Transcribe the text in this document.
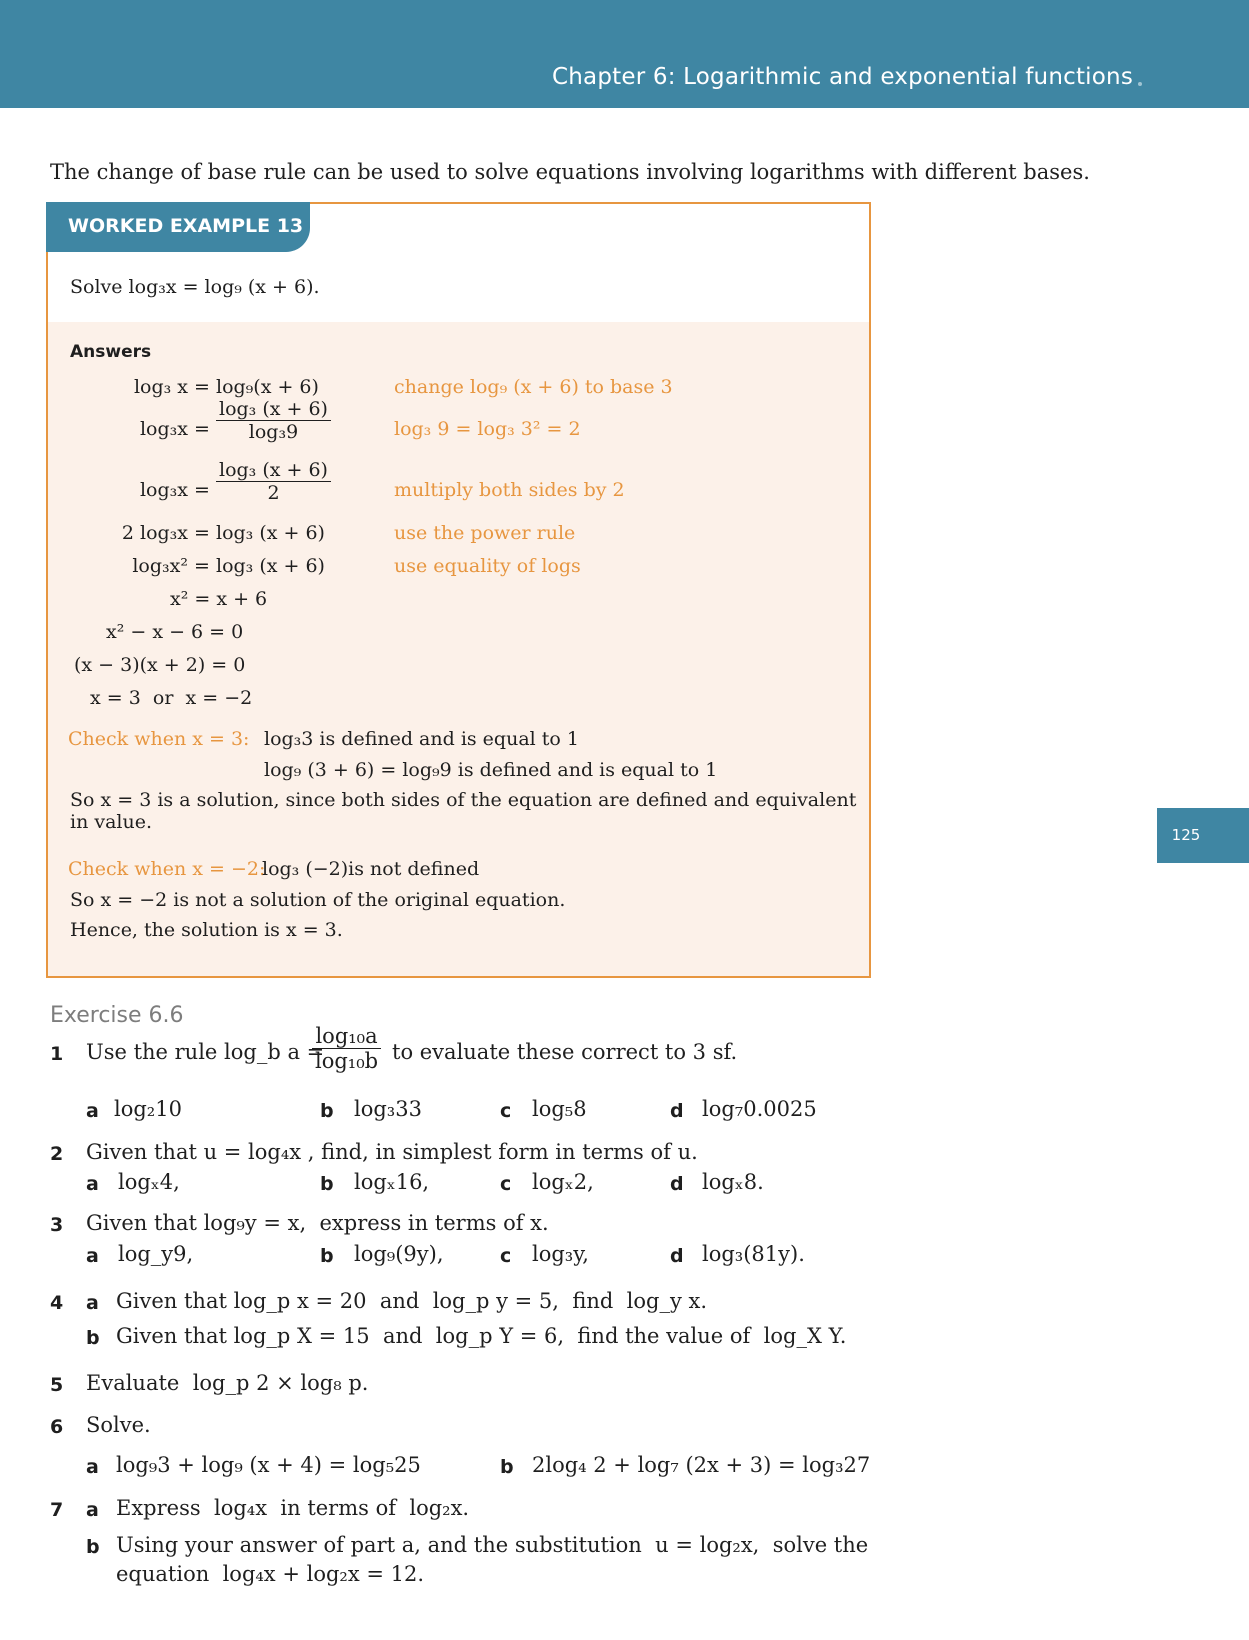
Chapter 6: Logarithmic and exponential functions
125
The change of base rule can be used to solve equations involving logarithms with different bases.
WORKED EXAMPLE 13
Solve log₃x = log₉ (x + 6).
Answers
log₃ x = log₉(x + 6)	change log₉ (x + 6) to base 3
$\log_3x = \frac{\text{log₃ (x + 6)}}{\text{log₃9}}$	log₃ 9 = log₃ 3² = 2
$\log_3x = \frac{\text{log₃ (x + 6)}}{2}$	multiply both sides by 2
2 log₃x = log₃ (x + 6)	use the power rule
log₃x² = log₃ (x + 6)	use equality of logs
x² = x + 6
x² − x − 6 = 0
(x − 3)(x + 2) = 0
x = 3  or  x = −2
Check when x = 3: log₃3 is defined and is equal to 1
log₉ (3 + 6) = log₉9 is defined and is equal to 1
So x = 3 is a solution, since both sides of the equation are defined and equivalent
in value.
Check when x = −2:
log₃ (−2)is not defined
So x = −2 is not a solution of the original equation.
Hence, the solution is x = 3.
Exercise 6.6
1 Use the rule log_b a =
$\frac{\text{log₁₀a}}{\text{log₁₀b}}$ to evaluate these correct to 3 sf.
a log₂10	b log₃33	c log₅8	d log₇0.0025
2 Given that u = log₄x , find, in simplest form in terms of u.
a logₓ4,	b logₓ16,	c logₓ2,	d logₓ8.
3 Given that log₉y = x,  express in terms of x.
a log_y9,	b log₉(9y),	c log₃y,	d log₃(81y).
4 a Given that log_p x = 20  and  log_p y = 5,  find  log_y x.
b Given that log_p X = 15  and  log_p Y = 6,  find the value of  log_X Y.
5 Evaluate  log_p 2 × log₈ p.
6 Solve.
a log₉3 + log₉ (x + 4) = log₅25	b 2log₄ 2 + log₇ (2x + 3) = log₃27
7 a Express  log₄x  in terms of  log₂x.
b Using your answer of part a, and the substitution  u = log₂x,  solve the
equation  log₄x + log₂x = 12.
